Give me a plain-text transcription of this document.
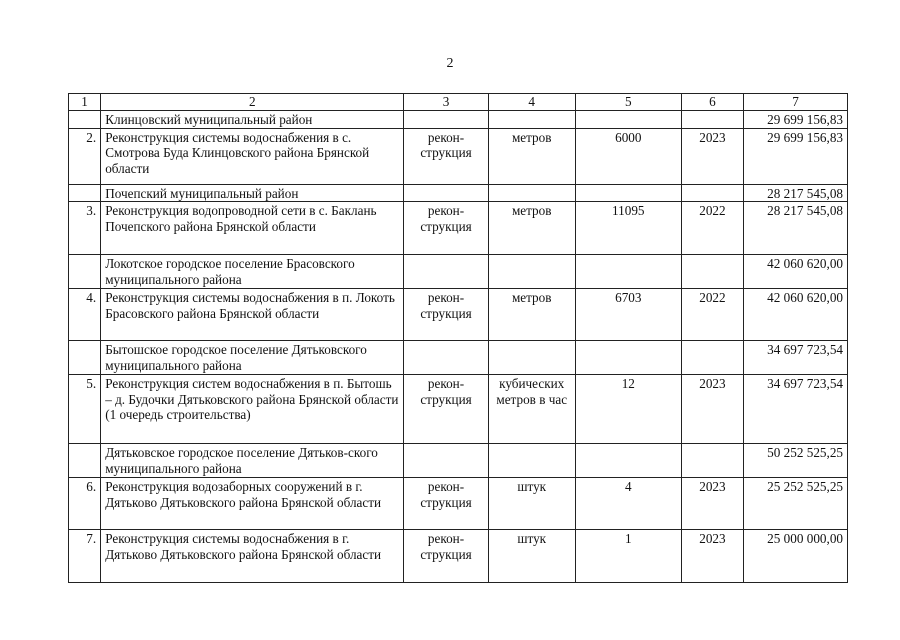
2
1	2	3	4	5	6	7
	Клинцовский муниципальный район					29 699 156,83
2.	Реконструкция системы водоснабжения в с. Смотрова Буда Клинцовского района Брянской области	рекон-струкция	метров	6000	2023	29 699 156,83
	Почепский муниципальный район					28 217 545,08
3.	Реконструкция водопроводной сети в с. Баклань Почепского района Брянской области	рекон-струкция	метров	11095	2022	28 217 545,08
	Локотское городское поселение Брасовского муниципального района					42 060 620,00
4.	Реконструкция системы водоснабжения в п. Локоть Брасовского района Брянской области	рекон-струкция	метров	6703	2022	42 060 620,00
	Бытошское городское поселение Дятьковского муниципального района					34 697 723,54
5.	Реконструкция систем водоснабжения в п. Бытошь – д. Будочки Дятьковского района Брянской области (1 очередь строительства)	рекон-струкция	кубических метров в час	12	2023	34 697 723,54
	Дятьковское городское поселение Дятьков-ского муниципального района					50 252 525,25
6.	Реконструкция водозаборных сооружений в г. Дятьково Дятьковского района Брянской области	рекон-струкция	штук	4	2023	25 252 525,25
7.	Реконструкция системы водоснабжения в г. Дятьково Дятьковского района Брянской области	рекон-струкция	штук	1	2023	25 000 000,00
